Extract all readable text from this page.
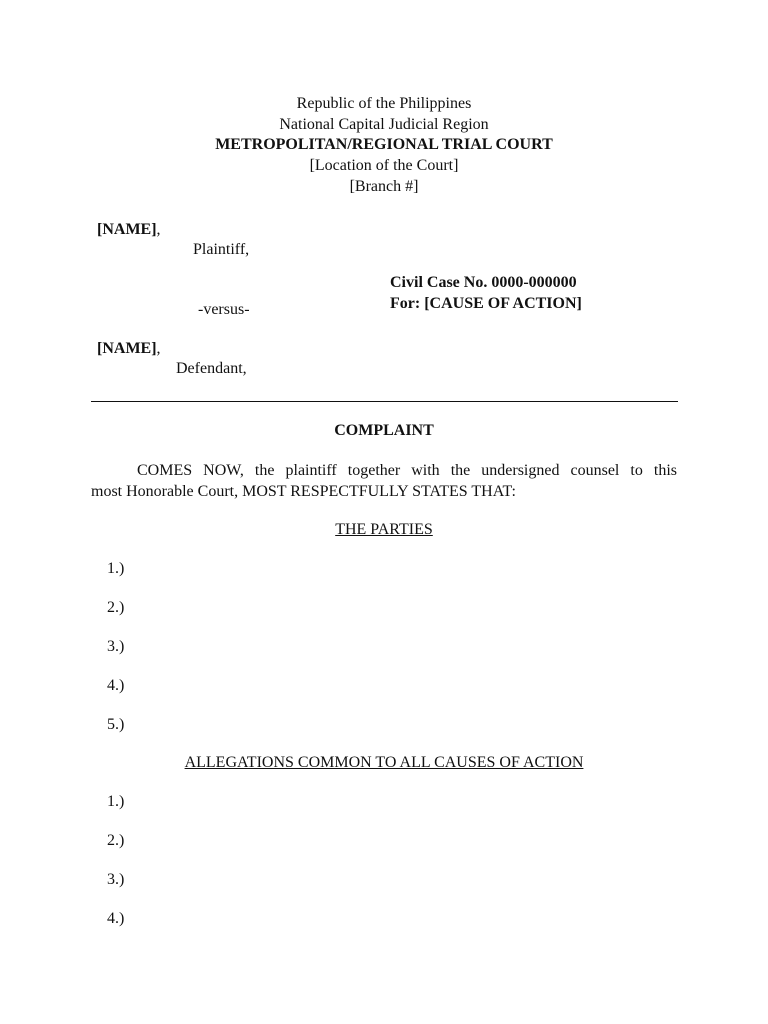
Republic of the Philippines
National Capital Judicial Region
METROPOLITAN/REGIONAL TRIAL COURT
[Location of the Court]
[Branch #]
[NAME],
Plaintiff,
-versus-
[NAME],
Defendant,
Civil Case No. 0000-000000
For: [CAUSE OF ACTION]
COMPLAINT
COMES NOW, the plaintiff together with the undersigned counsel to this
most Honorable Court, MOST RESPECTFULLY STATES THAT:
THE PARTIES
1.)
2.)
3.)
4.)
5.)
ALLEGATIONS COMMON TO ALL CAUSES OF ACTION
1.)
2.)
3.)
4.)
